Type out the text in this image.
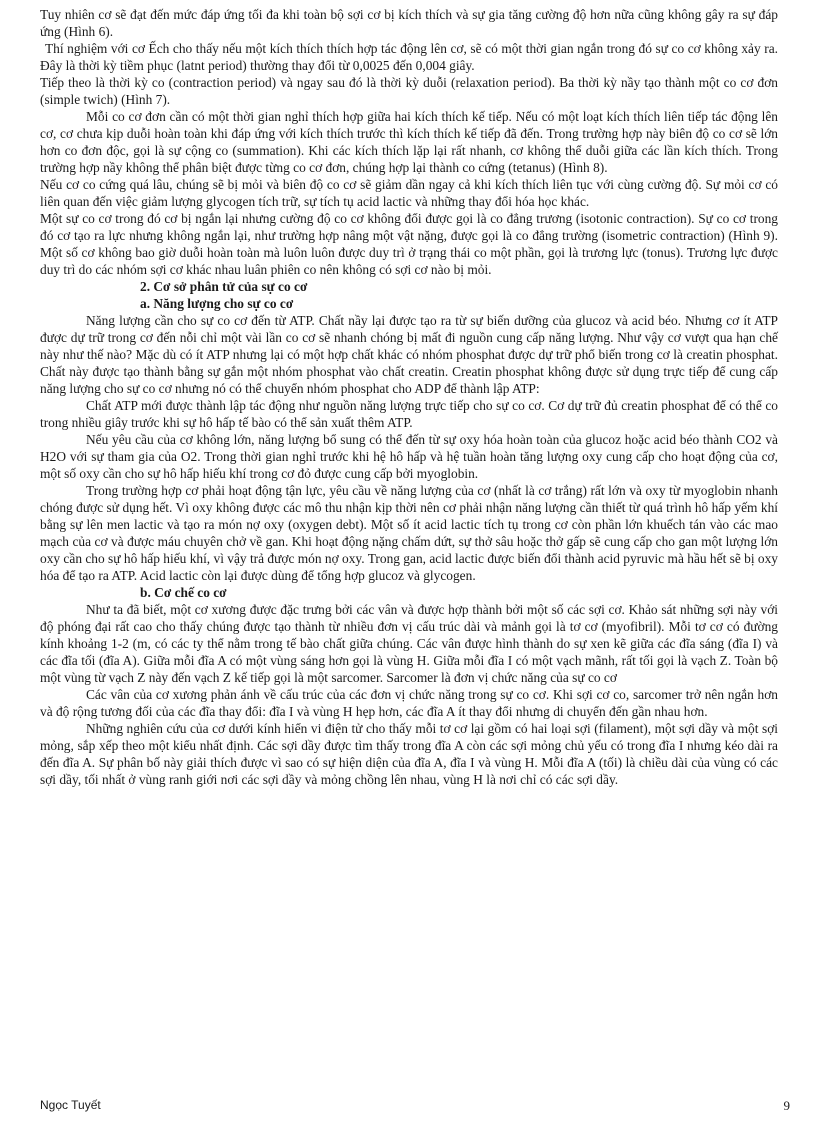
Tuy nhiên cơ sẽ đạt đến mức đáp ứng tối đa khi toàn bộ sợi cơ bị kích thích và sự gia tăng cường độ hơn nữa cũng không gây ra sự đáp ứng (Hình 6).

Thí nghiệm với cơ Ếch cho thấy nếu một kích thích thích hợp tác động lên cơ, sẽ có một thời gian ngắn trong đó sự co cơ không xảy ra. Đây là thời kỳ tiềm phục (latnt period) thường thay đổi từ 0,0025 đến 0,004 giây.

Tiếp theo là thời kỳ co (contraction period) và ngay sau đó là thời kỳ duỗi (relaxation period). Ba thời kỳ nầy tạo thành một co cơ đơn (simple twich) (Hình 7).

Mỗi co cơ đơn cần có một thời gian nghỉ thích hợp giữa hai kích thích kế tiếp. Nếu có một loạt kích thích liên tiếp tác động lên cơ, cơ chưa kịp duỗi hoàn toàn khi đáp ứng với kích thích trước thì kích thích kế tiếp đã đến. Trong trường hợp này biên độ co cơ sẽ lớn hơn co đơn độc, gọi là sự cộng co (summation). Khi các kích thích lặp lại rất nhanh, cơ không thể duỗi giữa các lần kích thích. Trong trường hợp nầy không thể phân biệt được từng co cơ đơn, chúng hợp lại thành co cứng (tetanus) (Hình 8).

Nếu cơ co cứng quá lâu, chúng sẽ bị mỏi và biên độ co cơ sẽ giảm dần ngay cả khi kích thích liên tục với cùng cường độ. Sự mỏi cơ có liên quan đến việc giảm lượng glycogen tích trữ, sự tích tụ acid lactic và những thay đổi hóa học khác.

Một sự co cơ trong đó cơ bị ngắn lại nhưng cường độ co cơ không đổi được gọi là co đẳng trương (isotonic contraction). Sự co cơ trong đó cơ tạo ra lực nhưng không ngắn lại, như trường hợp nâng một vật nặng, được gọi là co đẳng trường (isometric contraction) (Hình 9). Một số cơ không bao giờ duỗi hoàn toàn mà luôn luôn được duy trì ở trạng thái co một phần, gọi là trương lực (tonus). Trương lực được duy trì do các nhóm sợi cơ khác nhau luân phiên co nên không có sợi cơ nào bị mỏi.

2. Cơ sở phân tử của sự co cơ

a. Năng lượng cho sự co cơ

Năng lượng cần cho sự co cơ đến từ ATP. Chất nầy lại được tạo ra từ sự biến dưỡng của glucoz và acid béo. Nhưng cơ ít ATP được dự trữ trong cơ đến nỗi chỉ một vài lần co cơ sẽ nhanh chóng bị mất đi nguồn cung cấp năng lượng. Như vậy cơ vượt qua hạn chế này như thế nào? Mặc dù có ít ATP nhưng lại có một hợp chất khác có nhóm phosphat được dự trữ phổ biến trong cơ là creatin phosphat. Chất này được tạo thành bằng sự gắn một nhóm phosphat vào chất creatin. Creatin phosphat không được sử dụng trực tiếp để cung cấp năng lượng cho sự co cơ nhưng nó có thể chuyển nhóm phosphat cho ADP để thành lập ATP:

Chất ATP mới được thành lập tác động như nguồn năng lượng trực tiếp cho sự co cơ. Cơ dự trữ đủ creatin phosphat để có thể co trong nhiều giây trước khi sự hô hấp tế bào có thể sản xuất thêm ATP.

Nếu yêu cầu của cơ không lớn, năng lượng bổ sung có thể đến từ sự oxy hóa hoàn toàn của glucoz hoặc acid béo thành CO2 và H2O với sự tham gia của O2. Trong thời gian nghỉ trước khi hệ hô hấp và hệ tuần hoàn tăng lượng oxy cung cấp cho hoạt động của cơ, một số oxy cần cho sự hô hấp hiếu khí trong cơ đỏ được cung cấp bởi myoglobin.

Trong trường hợp cơ phải hoạt động tận lực, yêu cầu về năng lượng của cơ (nhất là cơ trắng) rất lớn và oxy từ myoglobin nhanh chóng được sử dụng hết. Vì oxy không được các mô thu nhận kịp thời nên cơ phải nhận năng lượng cần thiết từ quá trình hô hấp yếm khí bằng sự lên men lactic và tạo ra món nợ oxy (oxygen debt). Một số ít acid lactic tích tụ trong cơ còn phần lớn khuếch tán vào các mao mạch của cơ và được máu chuyên chở về gan. Khi hoạt động nặng chấm dứt, sự thở sâu hoặc thở gấp sẽ cung cấp cho gan một lượng lớn oxy cần cho sự hô hấp hiếu khí, vì vậy trả được món nợ oxy. Trong gan, acid lactic được biến đổi thành acid pyruvic mà hầu hết sẽ bị oxy hóa để tạo ra ATP. Acid lactic còn lại được dùng để tổng hợp glucoz và glycogen.

b. Cơ chế co cơ

Như ta đã biết, một cơ xương được đặc trưng bởi các vân và được hợp thành bởi một số các sợi cơ. Khảo sát những sợi này với độ phóng đại rất cao cho thấy chúng được tạo thành từ nhiều đơn vị cấu trúc dài và mảnh gọi là tơ cơ (myofibril). Mỗi tơ cơ có đường kính khoảng 1-2 (m, có các ty thể nằm trong tế bào chất giữa chúng. Các vân được hình thành do sự xen kẽ giữa các đĩa sáng (đĩa I) và các đĩa tối (đĩa A). Giữa mỗi đĩa A có một vùng sáng hơn gọi là vùng H. Giữa mỗi đĩa I có một vạch mãnh, rất tối gọi là vạch Z. Toàn bộ một vùng từ vạch Z này đến vạch Z kế tiếp gọi là một sarcomer. Sarcomer là đơn vị chức năng của sự co cơ

Các vân của cơ xương phản ánh về cấu trúc của các đơn vị chức năng trong sự co cơ. Khi sợi cơ co, sarcomer trở nên ngắn hơn và độ rộng tương đối của các đĩa thay đổi: đĩa I và vùng H hẹp hơn, các đĩa A ít thay đổi nhưng di chuyển đến gần nhau hơn.

Những nghiên cứu của cơ dưới kính hiển vi điện tử cho thấy mỗi tơ cơ lại gồm có hai loại sợi (filament), một sợi dầy và một sợi mỏng, sắp xếp theo một kiểu nhất định. Các sợi dầy được tìm thấy trong đĩa A còn các sợi mỏng chủ yếu có trong đĩa I nhưng kéo dài ra đến đĩa A. Sự phân bố này giải thích được vì sao có sự hiện diện của đĩa A, đĩa I và vùng H. Mỗi đĩa A (tối) là chiều dài của vùng có các sợi dầy, tối nhất ở vùng ranh giới nơi các sợi dầy và mỏng chồng lên nhau, vùng H là nơi chỉ có các sợi dầy.

Ngọc Tuyết	9
